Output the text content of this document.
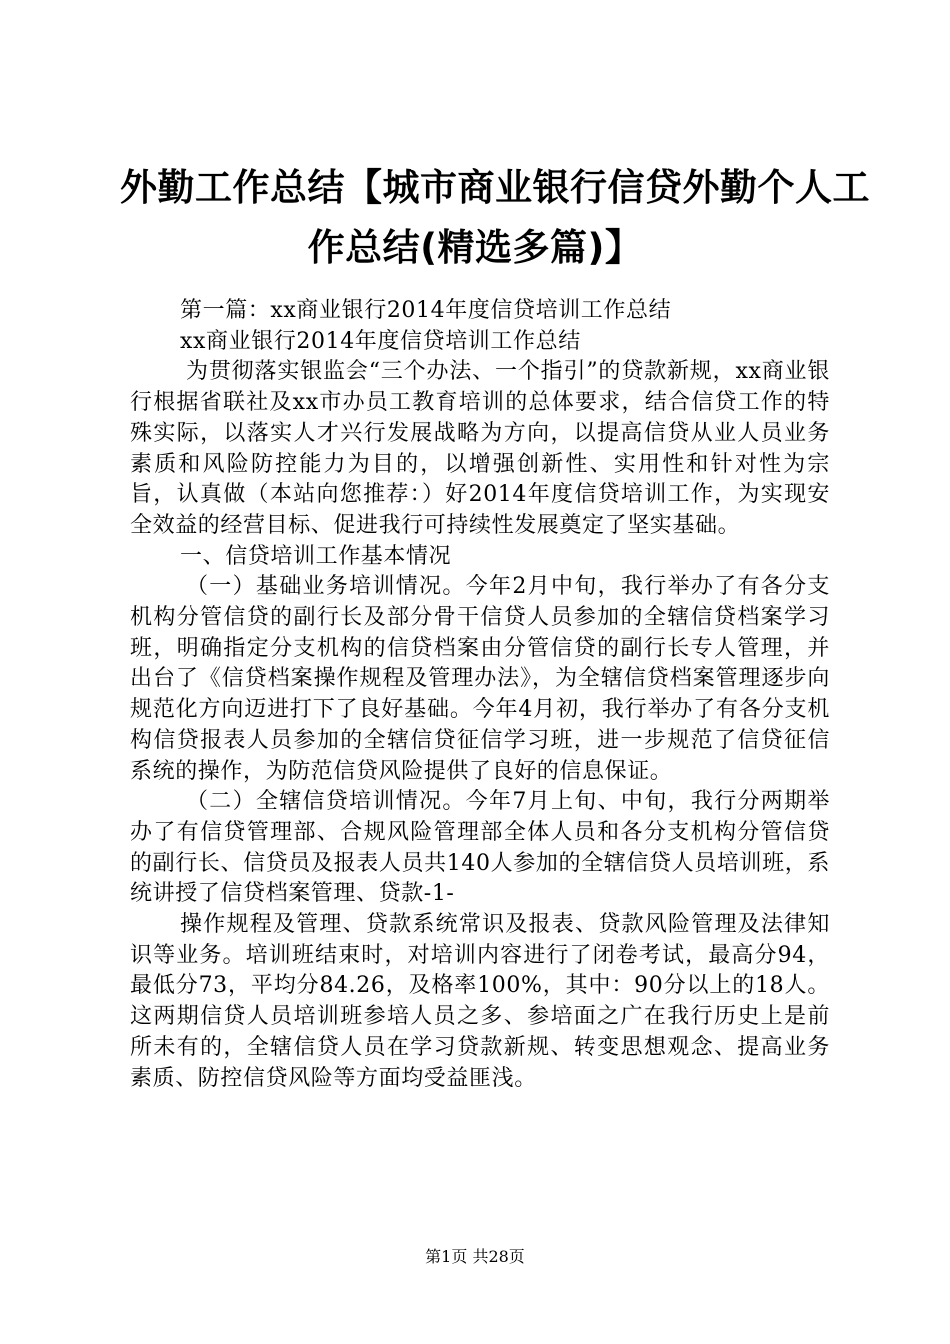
外勤工作总结【城市商业银行信贷外勤个人工
作总结(精选多篇)】

第一篇：xx商业银行2014年度信贷培训工作总结

xx商业银行2014年度信贷培训工作总结

为贯彻落实银监会“三个办法、一个指引”的贷款新规，xx商业银行根据省联社及xx市办员工教育培训的总体要求，结合信贷工作的特殊实际，以落实人才兴行发展战略为方向，以提高信贷从业人员业务素质和风险防控能力为目的，以增强创新性、实用性和针对性为宗旨，认真做（本站向您推荐：）好2014年度信贷培训工作，为实现安全效益的经营目标、促进我行可持续性发展奠定了坚实基础。

一、信贷培训工作基本情况

（一）基础业务培训情况。今年2月中旬，我行举办了有各分支机构分管信贷的副行长及部分骨干信贷人员参加的全辖信贷档案学习班，明确指定分支机构的信贷档案由分管信贷的副行长专人管理，并出台了《信贷档案操作规程及管理办法》，为全辖信贷档案管理逐步向规范化方向迈进打下了良好基础。今年4月初，我行举办了有各分支机构信贷报表人员参加的全辖信贷征信学习班，进一步规范了信贷征信系统的操作，为防范信贷风险提供了良好的信息保证。

（二）全辖信贷培训情况。今年7月上旬、中旬，我行分两期举办了有信贷管理部、合规风险管理部全体人员和各分支机构分管信贷的副行长、信贷员及报表人员共140人参加的全辖信贷人员培训班，系统讲授了信贷档案管理、贷款-1-

操作规程及管理、贷款系统常识及报表、贷款风险管理及法律知识等业务。培训班结束时，对培训内容进行了闭卷考试，最高分94，最低分73，平均分84.26，及格率100%，其中：90分以上的18人。这两期信贷人员培训班参培人员之多、参培面之广在我行历史上是前所未有的，全辖信贷人员在学习贷款新规、转变思想观念、提高业务素质、防控信贷风险等方面均受益匪浅。

第1页 共28页
